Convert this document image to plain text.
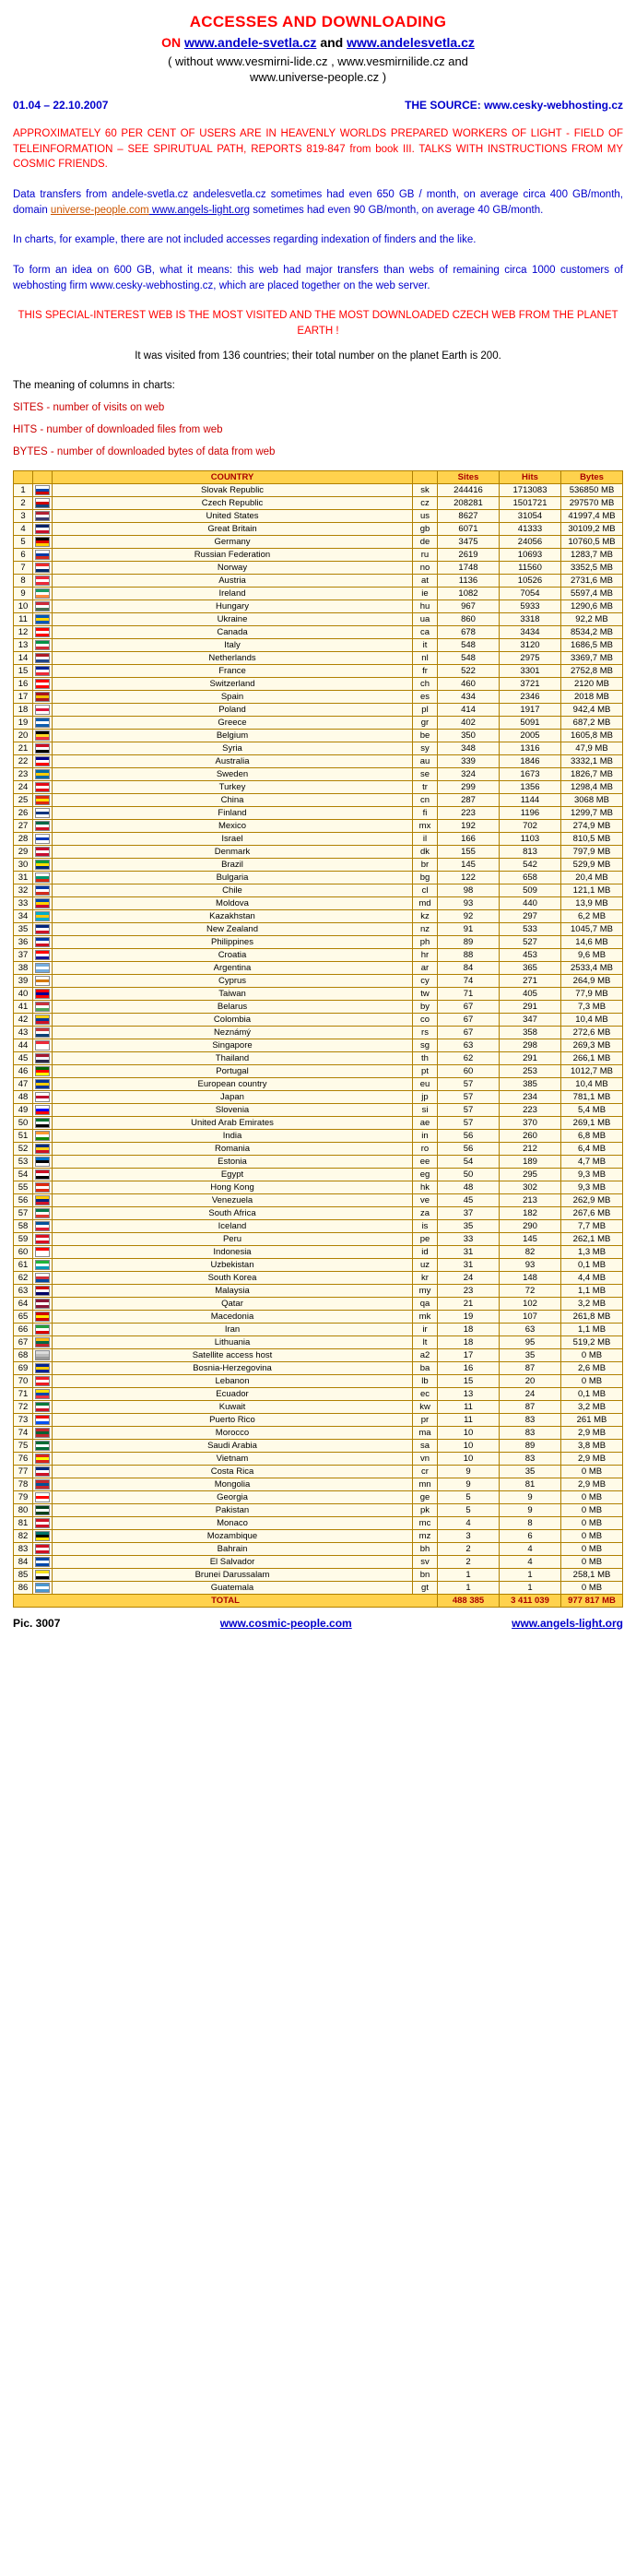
ACCESSES AND DOWNLOADING
ON www.andele-svetla.cz and www.andelesvetla.cz
( without www.vesmirni-lide.cz , www.vesmirnilide.cz and
www.universe-people.cz )
01.04 – 22.10.2007	THE SOURCE: www.cesky-webhosting.cz
APPROXIMATELY 60 PER CENT OF USERS ARE IN HEAVENLY WORLDS PREPARED WORKERS OF LIGHT - FIELD OF TELEINFORMATION – SEE SPIRUTUAL PATH, REPORTS 819-847 from book III. TALKS WITH INSTRUCTIONS FROM MY COSMIC FRIENDS.
Data transfers from andele-svetla.cz andelesvetla.cz sometimes had even 650 GB / month, on average circa 400 GB/month, domain universe-people.com www.angels-light.org sometimes had even 90 GB/month, on average 40 GB/month.
In charts, for example, there are not included accesses regarding indexation of finders and the like.
To form an idea on 600 GB, what it means: this web had major transfers than webs of remaining circa 1000 customers of webhosting firm www.cesky-webhosting.cz, which are placed together on the web server.
THIS SPECIAL-INTEREST WEB IS THE MOST VISITED AND THE MOST DOWNLOADED CZECH WEB FROM THE PLANET EARTH !
It was visited from 136 countries; their total number on the planet Earth is 200.
The meaning of columns in charts:
SITES - number of visits on web
HITS - number of downloaded files from web
BYTES - number of downloaded bytes of data from web
		COUNTRY		Sites	Hits	Bytes
1		Slovak Republic	sk	244416	1713083	536850 MB
2		Czech Republic	cz	208281	1501721	297570 MB
3		United States	us	8627	31054	41997,4 MB
4		Great Britain	gb	6071	41333	30109,2 MB
5		Germany	de	3475	24056	10760,5 MB
6		Russian Federation	ru	2619	10693	1283,7 MB
7		Norway	no	1748	11560	3352,5 MB
8		Austria	at	1136	10526	2731,6 MB
9		Ireland	ie	1082	7054	5597,4 MB
10		Hungary	hu	967	5933	1290,6 MB
11		Ukraine	ua	860	3318	92,2 MB
12		Canada	ca	678	3434	8534,2 MB
13		Italy	it	548	3120	1686,5 MB
14		Netherlands	nl	548	2975	3369,7 MB
15		France	fr	522	3301	2752,8 MB
16		Switzerland	ch	460	3721	2120 MB
17		Spain	es	434	2346	2018 MB
18		Poland	pl	414	1917	942,4 MB
19		Greece	gr	402	5091	687,2 MB
20		Belgium	be	350	2005	1605,8 MB
21		Syria	sy	348	1316	47,9 MB
22		Australia	au	339	1846	3332,1 MB
23		Sweden	se	324	1673	1826,7 MB
24		Turkey	tr	299	1356	1298,4 MB
25		China	cn	287	1144	3068 MB
26		Finland	fi	223	1196	1299,7 MB
27		Mexico	mx	192	702	274,9 MB
28		Israel	il	166	1103	810,5 MB
29		Denmark	dk	155	813	797,9 MB
30		Brazil	br	145	542	529,9 MB
31		Bulgaria	bg	122	658	20,4 MB
32		Chile	cl	98	509	121,1 MB
33		Moldova	md	93	440	13,9 MB
34		Kazakhstan	kz	92	297	6,2 MB
35		New Zealand	nz	91	533	1045,7 MB
36		Philippines	ph	89	527	14,6 MB
37		Croatia	hr	88	453	9,6 MB
38		Argentina	ar	84	365	2533,4 MB
39		Cyprus	cy	74	271	264,9 MB
40		Taiwan	tw	71	405	77,9 MB
41		Belarus	by	67	291	7,3 MB
42		Colombia	co	67	347	10,4 MB
43		Neznámý	rs	67	358	272,6 MB
44		Singapore	sg	63	298	269,3 MB
45		Thailand	th	62	291	266,1 MB
46		Portugal	pt	60	253	1012,7 MB
47		European country	eu	57	385	10,4 MB
48		Japan	jp	57	234	781,1 MB
49		Slovenia	si	57	223	5,4 MB
50		United Arab Emirates	ae	57	370	269,1 MB
51		India	in	56	260	6,8 MB
52		Romania	ro	56	212	6,4 MB
53		Estonia	ee	54	189	4,7 MB
54		Egypt	eg	50	295	9,3 MB
55		Hong Kong	hk	48	302	9,3 MB
56		Venezuela	ve	45	213	262,9 MB
57		South Africa	za	37	182	267,6 MB
58		Iceland	is	35	290	7,7 MB
59		Peru	pe	33	145	262,1 MB
60		Indonesia	id	31	82	1,3 MB
61		Uzbekistan	uz	31	93	0,1 MB
62		South Korea	kr	24	148	4,4 MB
63		Malaysia	my	23	72	1,1 MB
64		Qatar	qa	21	102	3,2 MB
65		Macedonia	mk	19	107	261,8 MB
66		Iran	ir	18	63	1,1 MB
67		Lithuania	lt	18	95	519,2 MB
68		Satellite access host	a2	17	35	0 MB
69		Bosnia-Herzegovina	ba	16	87	2,6 MB
70		Lebanon	lb	15	20	0 MB
71		Ecuador	ec	13	24	0,1 MB
72		Kuwait	kw	11	87	3,2 MB
73		Puerto Rico	pr	11	83	261 MB
74		Morocco	ma	10	83	2,9 MB
75		Saudi Arabia	sa	10	89	3,8 MB
76		Vietnam	vn	10	83	2,9 MB
77		Costa Rica	cr	9	35	0 MB
78		Mongolia	mn	9	81	2,9 MB
79		Georgia	ge	5	9	0 MB
80		Pakistan	pk	5	9	0 MB
81		Monaco	mc	4	8	0 MB
82		Mozambique	mz	3	6	0 MB
83		Bahrain	bh	2	4	0 MB
84		El Salvador	sv	2	4	0 MB
85		Brunei Darussalam	bn	1	1	258,1 MB
86		Guatemala	gt	1	1	0 MB
TOTAL				488 385	3 411 039	977 817 MB
Pic. 3007	www.cosmic-people.com	www.angels-light.org
